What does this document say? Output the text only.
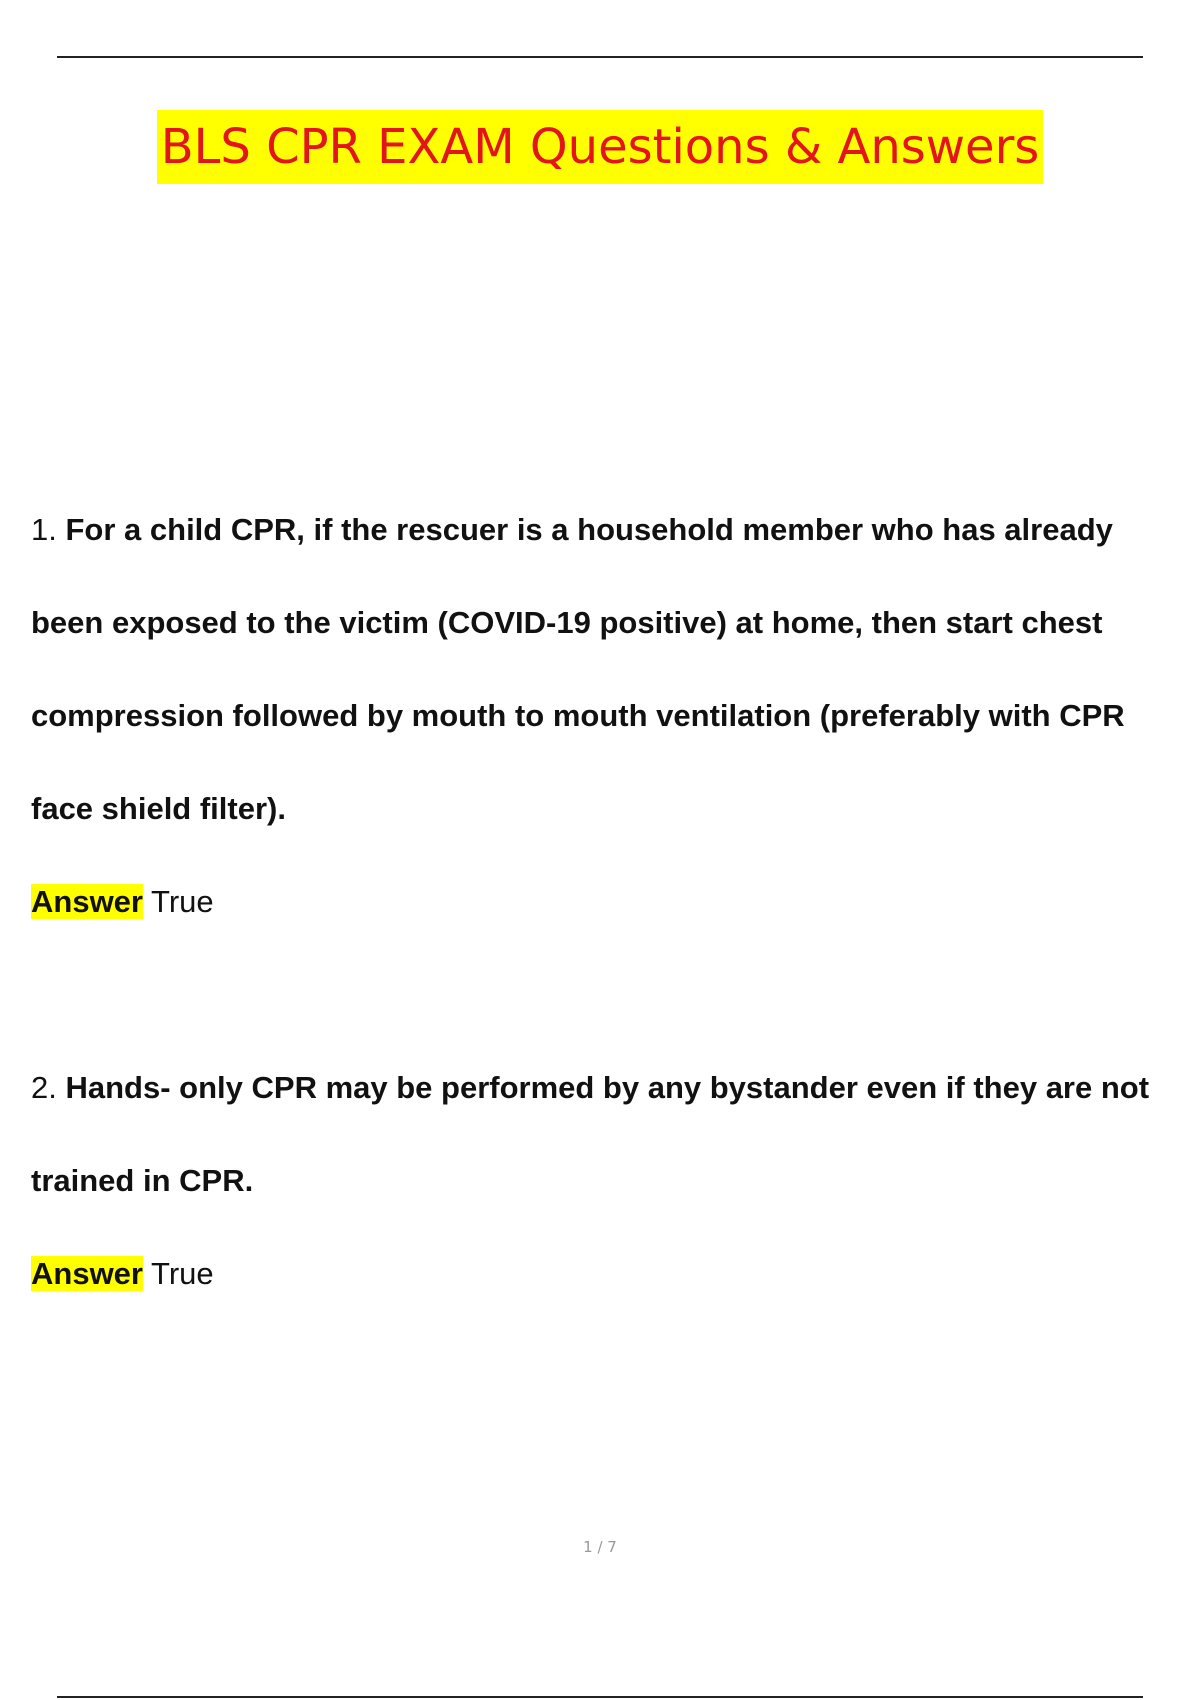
BLS CPR EXAM Questions & Answers
1. For a child CPR, if the rescuer is a household member who has already
been exposed to the victim (COVID-19 positive) at home, then start chest
compression followed by mouth to mouth ventilation (preferably with CPR
face shield filter).
Answer True
2. Hands- only CPR may be performed by any bystander even if they are not
trained in CPR.
Answer True
1 / 7
